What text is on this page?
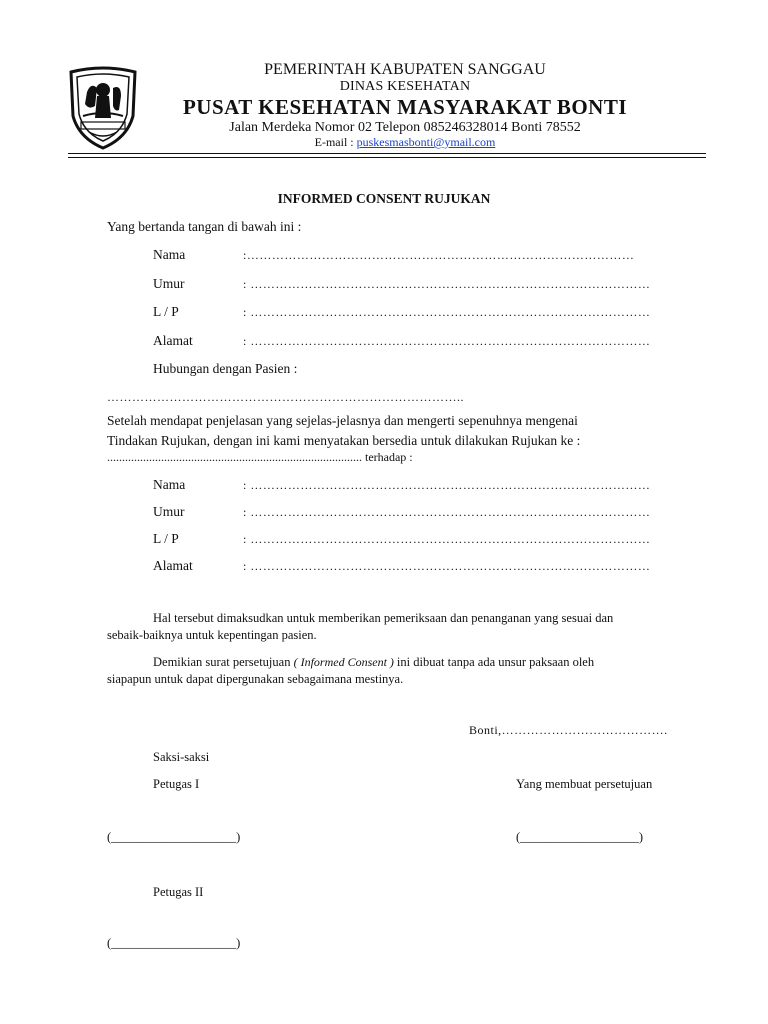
PEMERINTAH KABUPATEN SANGGAU
DINAS KESEHATAN
PUSAT KESEHATAN MASYARAKAT BONTI
Jalan Merdeka Nomor 02 Telepon 085246328014 Bonti 78552
E-mail : puskesmasbonti@ymail.com
INFORMED CONSENT RUJUKAN
Yang bertanda tangan di bawah ini :
Nama	:…………………………………………………………………………………
Umur	: ……………………………………………………………………………………
L / P	: ……………………………………………………………………………………
Alamat	: ……………………………………………………………………………………
Hubungan dengan Pasien :
…………………………………………………………………………..
Setelah mendapat penjelasan yang sejelas-jelasnya dan mengerti sepenuhnya mengenai
Tindakan Rujukan, dengan ini kami menyatakan bersedia untuk dilakukan Rujukan ke :
..................................................................................... terhadap :
Nama	: ……………………………………………………………………………………
Umur	: ……………………………………………………………………………………
L / P	: ……………………………………………………………………………………
Alamat	: ……………………………………………………………………………………
Hal tersebut dimaksudkan untuk memberikan pemeriksaan dan penanganan yang sesuai dan
sebaik-baiknya untuk kepentingan pasien.
Demikian surat persetujuan ( Informed Consent ) ini dibuat tanpa ada unsur paksaan oleh
siapapun untuk dapat dipergunakan sebagaimana mestinya.
Bonti,………………………………….
Saksi-saksi
Petugas I	Yang membuat persetujuan
(____________________)	(___________________)
Petugas II
(____________________)
